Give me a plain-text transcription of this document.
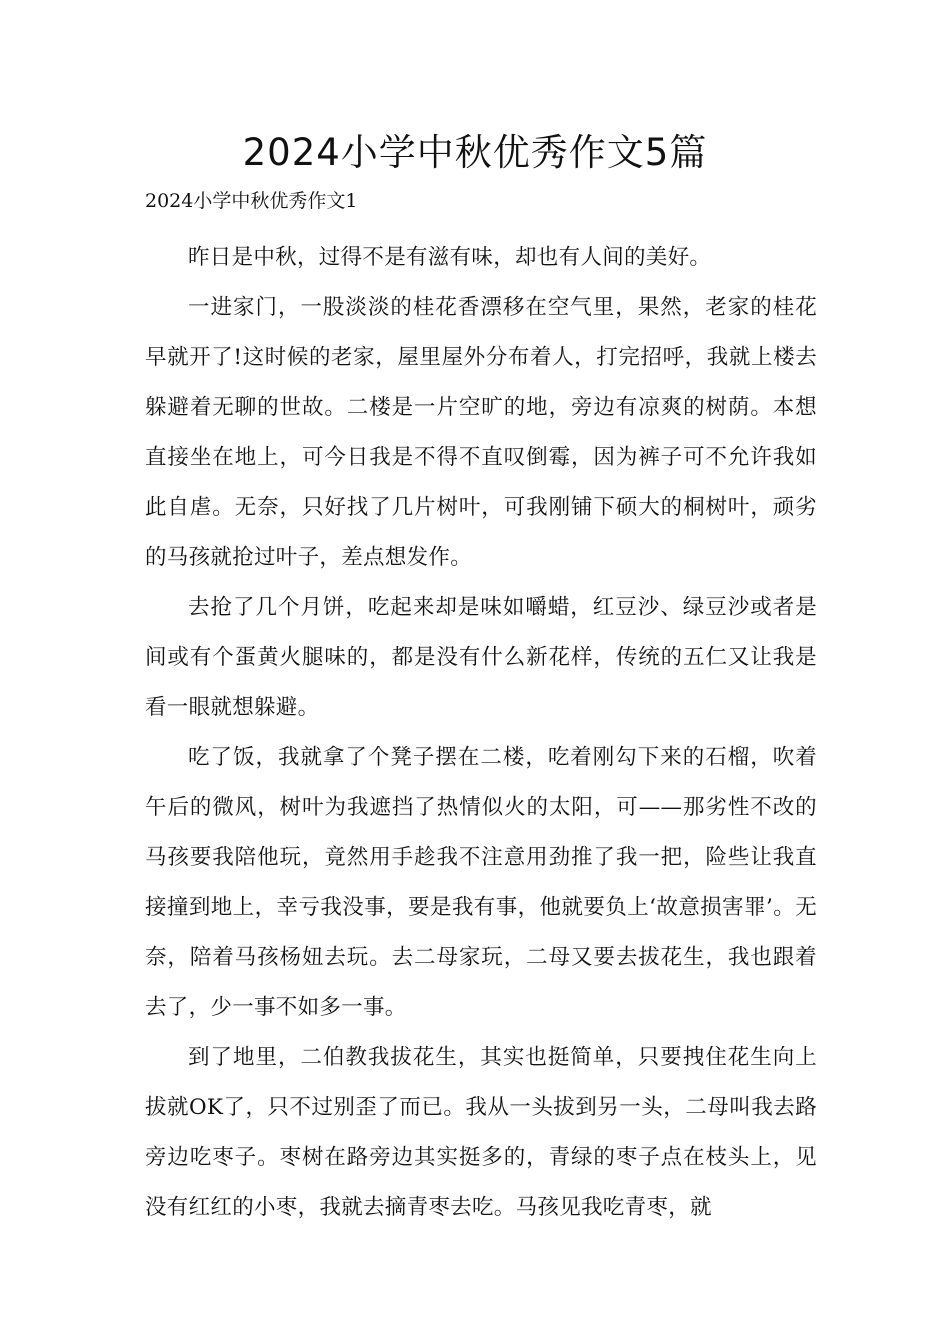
2024小学中秋优秀作文5篇

2024小学中秋优秀作文1

昨日是中秋，过得不是有滋有味，却也有人间的美好。

一进家门，一股淡淡的桂花香漂移在空气里，果然，老家的桂花早就开了!这时候的老家，屋里屋外分布着人，打完招呼，我就上楼去躲避着无聊的世故。二楼是一片空旷的地，旁边有凉爽的树荫。本想直接坐在地上，可今日我是不得不直叹倒霉，因为裤子可不允许我如此自虐。无奈，只好找了几片树叶，可我刚铺下硕大的桐树叶，顽劣的马孩就抢过叶子，差点想发作。

去抢了几个月饼，吃起来却是味如嚼蜡，红豆沙、绿豆沙或者是间或有个蛋黄火腿味的，都是没有什么新花样，传统的五仁又让我是看一眼就想躲避。

吃了饭，我就拿了个凳子摆在二楼，吃着刚勾下来的石榴，吹着午后的微风，树叶为我遮挡了热情似火的太阳，可——那劣性不改的马孩要我陪他玩，竟然用手趁我不注意用劲推了我一把，险些让我直接撞到地上，幸亏我没事，要是我有事，他就要负上‘故意损害罪’。无奈，陪着马孩杨妞去玩。去二母家玩，二母又要去拔花生，我也跟着去了，少一事不如多一事。

到了地里，二伯教我拔花生，其实也挺简单，只要拽住花生向上拔就OK了，只不过别歪了而已。我从一头拔到另一头，二母叫我去路旁边吃枣子。枣树在路旁边其实挺多的，青绿的枣子点在枝头上，见没有红红的小枣，我就去摘青枣去吃。马孩见我吃青枣，就
